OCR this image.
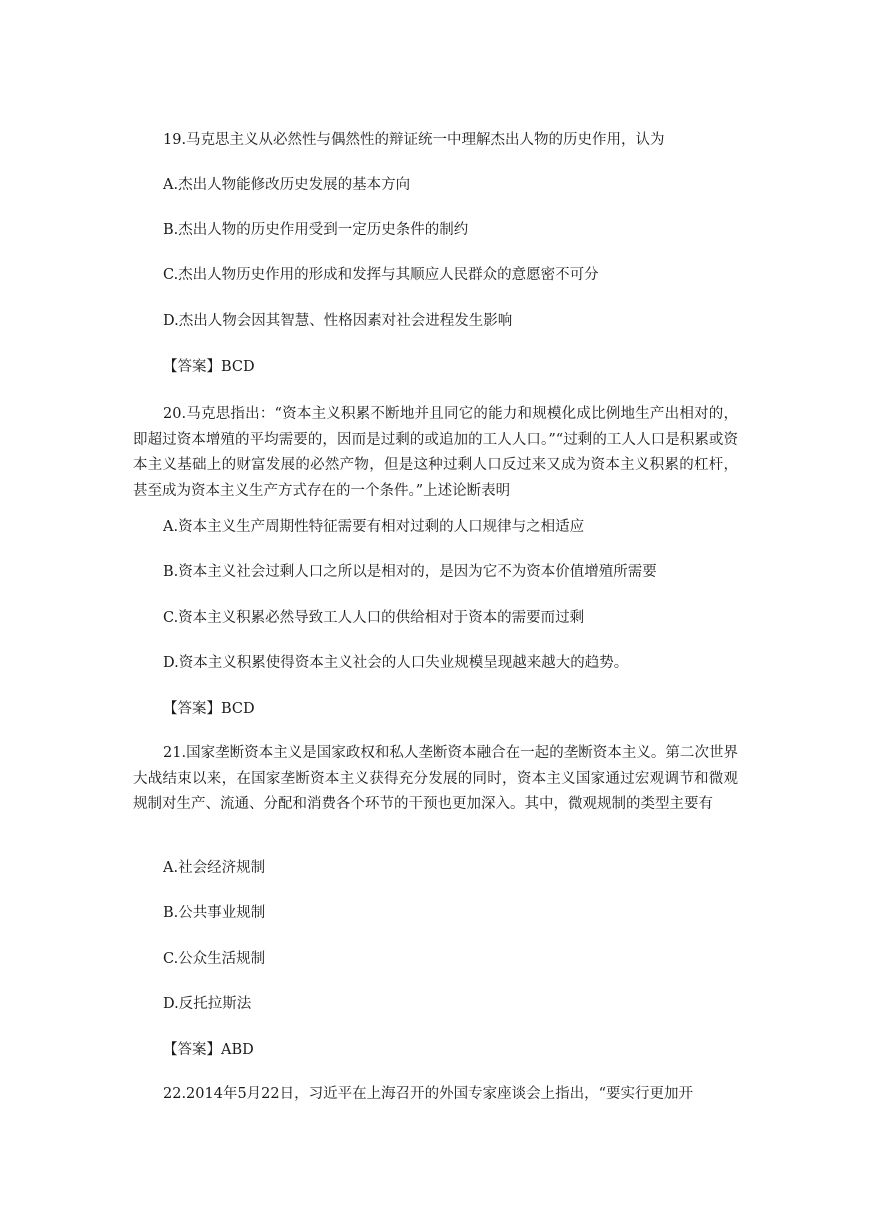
19.马克思主义从必然性与偶然性的辩证统一中理解杰出人物的历史作用，认为
A.杰出人物能修改历史发展的基本方向
B.杰出人物的历史作用受到一定历史条件的制约
C.杰出人物历史作用的形成和发挥与其顺应人民群众的意愿密不可分
D.杰出人物会因其智慧、性格因素对社会进程发生影响
【答案】BCD
20.马克思指出：“资本主义积累不断地并且同它的能力和规模化成比例地生产出相对的，即超过资本增殖的平均需要的，因而是过剩的或追加的工人人口。”“过剩的工人人口是积累或资本主义基础上的财富发展的必然产物，但是这种过剩人口反过来又成为资本主义积累的杠杆，甚至成为资本主义生产方式存在的一个条件。”上述论断表明
A.资本主义生产周期性特征需要有相对过剩的人口规律与之相适应
B.资本主义社会过剩人口之所以是相对的，是因为它不为资本价值增殖所需要
C.资本主义积累必然导致工人人口的供给相对于资本的需要而过剩
D.资本主义积累使得资本主义社会的人口失业规模呈现越来越大的趋势。
【答案】BCD
21.国家垄断资本主义是国家政权和私人垄断资本融合在一起的垄断资本主义。第二次世界大战结束以来，在国家垄断资本主义获得充分发展的同时，资本主义国家通过宏观调节和微观规制对生产、流通、分配和消费各个环节的干预也更加深入。其中，微观规制的类型主要有
A.社会经济规制
B.公共事业规制
C.公众生活规制
D.反托拉斯法
【答案】ABD
22.2014年5月22日，习近平在上海召开的外国专家座谈会上指出，“要实行更加开
